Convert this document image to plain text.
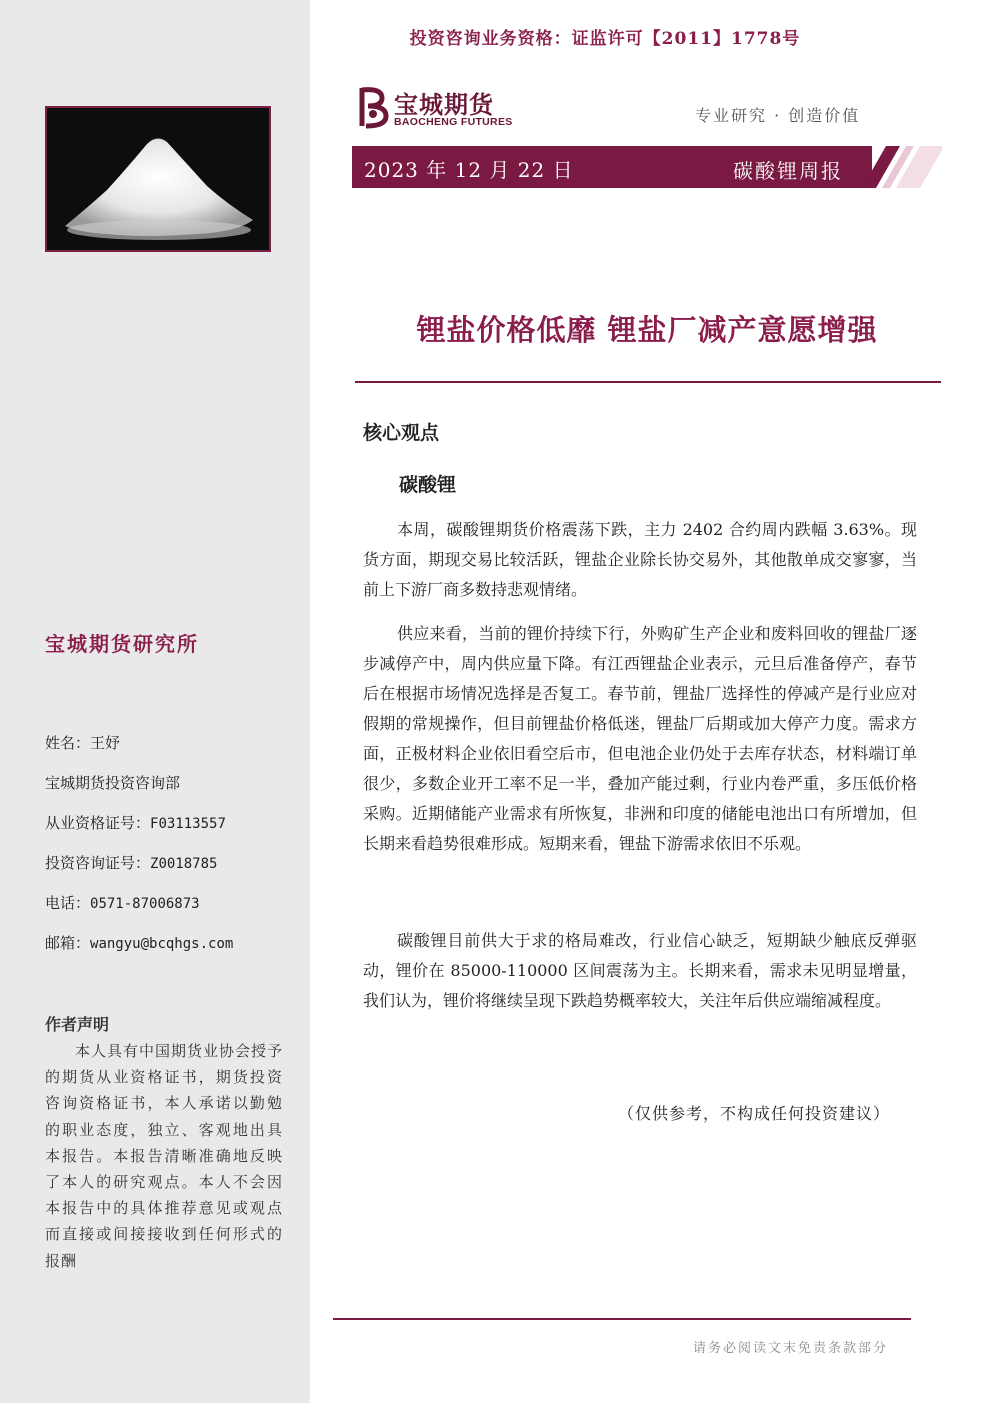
宝城期货研究所
姓名：王妤
宝城期货投资咨询部
从业资格证号：F03113557
投资咨询证号：Z0018785
电话：0571-87006873
邮箱：wangyu@bcqhgs.com
作者声明
本人具有中国期货业协会授予的期货从业资格证书，期货投资咨询资格证书，本人承诺以勤勉的职业态度，独立、客观地出具本报告。本报告清晰准确地反映了本人的研究观点。本人不会因本报告中的具体推荐意见或观点而直接或间接接收到任何形式的报酬
投资咨询业务资格：证监许可【2011】1778号
宝城期货
BAOCHENG FUTURES	专业研究 · 创造价值
2023 年 12 月 22 日	碳酸锂周报
锂盐价格低靡 锂盐厂减产意愿增强
核心观点
碳酸锂

本周，碳酸锂期货价格震荡下跌，主力 2402 合约周内跌幅 3.63%。现货方面，期现交易比较活跃，锂盐企业除长协交易外，其他散单成交寥寥，当前上下游厂商多数持悲观情绪。

供应来看，当前的锂价持续下行，外购矿生产企业和废料回收的锂盐厂逐步减停产中，周内供应量下降。有江西锂盐企业表示，元旦后准备停产，春节后在根据市场情况选择是否复工。春节前，锂盐厂选择性的停减产是行业应对假期的常规操作，但目前锂盐价格低迷，锂盐厂后期或加大停产力度。需求方面，正极材料企业依旧看空后市，但电池企业仍处于去库存状态，材料端订单很少，多数企业开工率不足一半，叠加产能过剩，行业内卷严重，多压低价格采购。近期储能产业需求有所恢复，非洲和印度的储能电池出口有所增加，但长期来看趋势很难形成。短期来看，锂盐下游需求依旧不乐观。

碳酸锂目前供大于求的格局难改，行业信心缺乏，短期缺少触底反弹驱动，锂价在 85000-110000 区间震荡为主。长期来看，需求未见明显增量，我们认为，锂价将继续呈现下跌趋势概率较大，关注年后供应端缩减程度。

（仅供参考，不构成任何投资建议）
请务必阅读文末免责条款部分
